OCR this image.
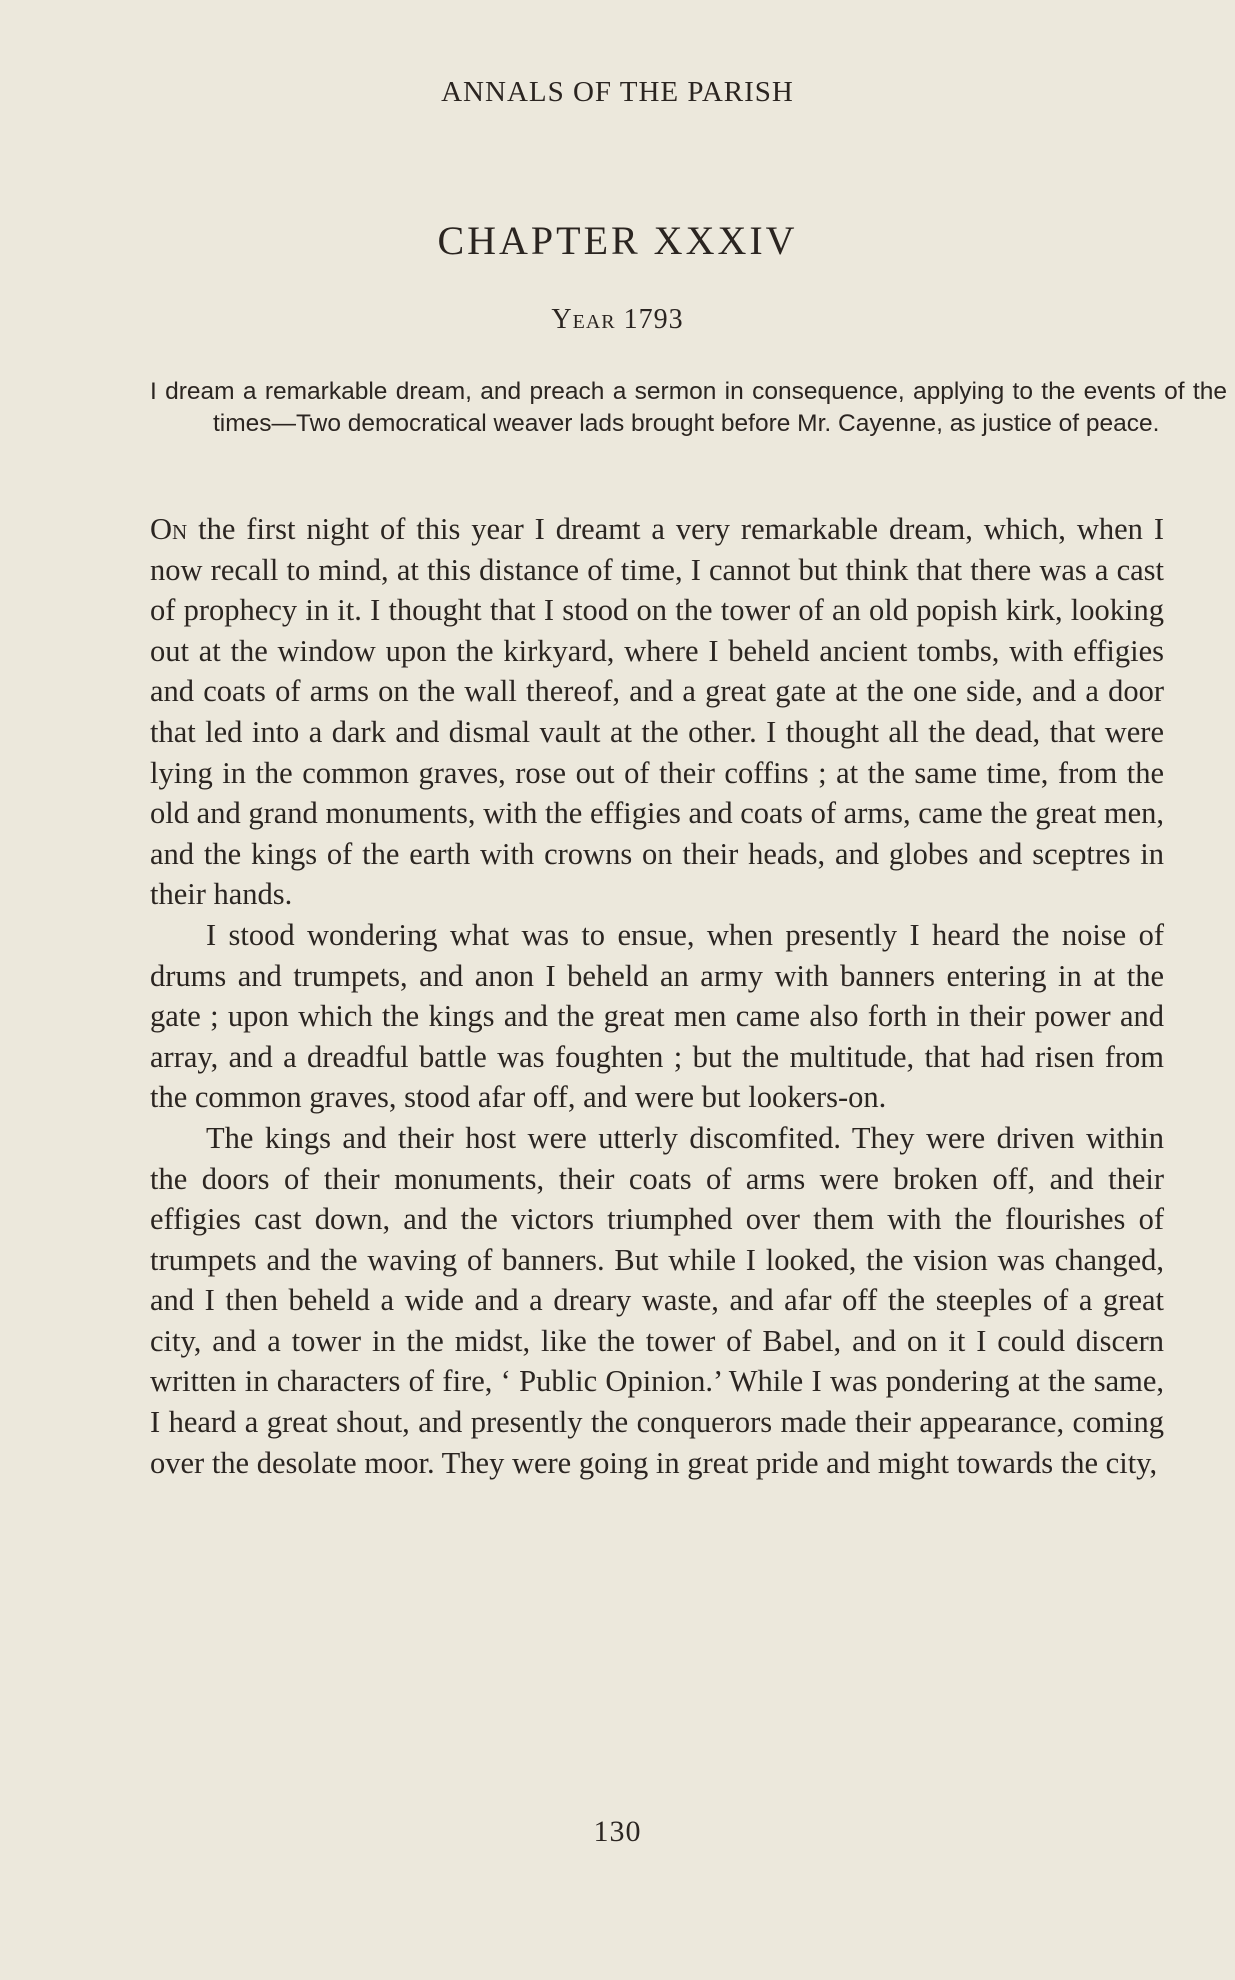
ANNALS OF THE PARISH
CHAPTER XXXIV
Year 1793
I dream a remarkable dream, and preach a sermon in consequence, applying to the events of the times—Two democratical weaver lads brought before Mr. Cayenne, as justice of peace.

On the first night of this year I dreamt a very remarkable dream, which, when I now recall to mind, at this distance of time, I cannot but think that there was a cast of prophecy in it. I thought that I stood on the tower of an old popish kirk, looking out at the window upon the kirkyard, where I beheld ancient tombs, with effigies and coats of arms on the wall thereof, and a great gate at the one side, and a door that led into a dark and dismal vault at the other. I thought all the dead, that were lying in the common graves, rose out of their coffins ; at the same time, from the old and grand monuments, with the effigies and coats of arms, came the great men, and the kings of the earth with crowns on their heads, and globes and sceptres in their hands.

I stood wondering what was to ensue, when presently I heard the noise of drums and trumpets, and anon I beheld an army with banners entering in at the gate ; upon which the kings and the great men came also forth in their power and array, and a dreadful battle was foughten ; but the multitude, that had risen from the common graves, stood afar off, and were but lookers-on.

The kings and their host were utterly discomfited. They were driven within the doors of their monuments, their coats of arms were broken off, and their effigies cast down, and the victors triumphed over them with the flourishes of trumpets and the waving of banners. But while I looked, the vision was changed, and I then beheld a wide and a dreary waste, and afar off the steeples of a great city, and a tower in the midst, like the tower of Babel, and on it I could discern written in characters of fire, ‘ Public Opinion.’ While I was pondering at the same, I heard a great shout, and presently the conquerors made their appearance, coming over the desolate moor. They were going in great pride and might towards the city,

130
